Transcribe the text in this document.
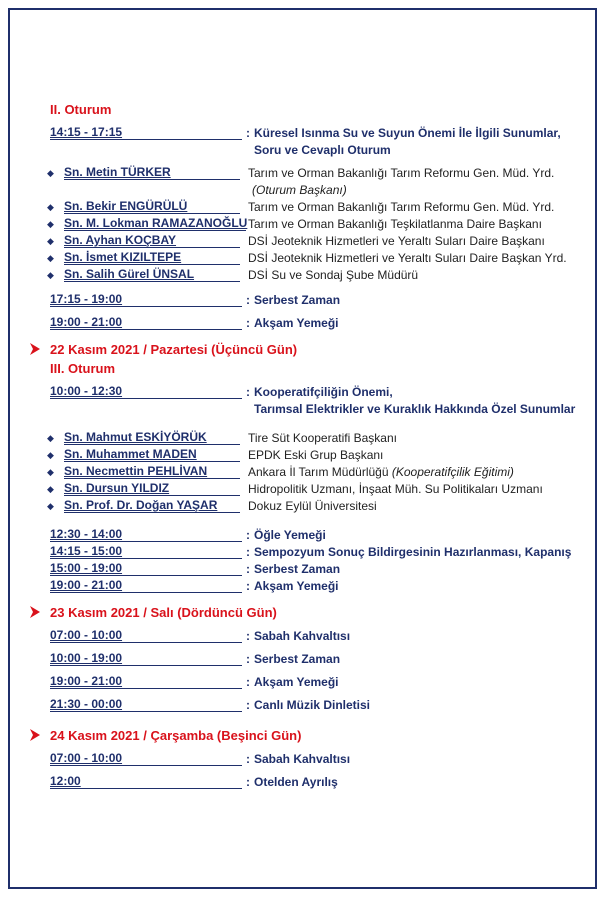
II. Oturum
14:15 - 17:15	: Küresel Isınma Su ve Suyun Önemi İle İlgili Sunumlar,
Soru ve Cevaplı Oturum
◆ Sn. Metin TÜRKER	Tarım ve Orman Bakanlığı Tarım Reformu Gen. Müd. Yrd.
(Oturum Başkanı)
◆ Sn. Bekir ENGÜRÜLÜ	Tarım ve Orman Bakanlığı Tarım Reformu Gen. Müd. Yrd.
◆ Sn. M. Lokman RAMAZANOĞLU Tarım ve Orman Bakanlığı Teşkilatlanma Daire Başkanı
◆ Sn. Ayhan KOÇBAY	DSİ Jeoteknik Hizmetleri ve Yeraltı Suları Daire Başkanı
◆ Sn. İsmet KIZILTEPE	DSİ Jeoteknik Hizmetleri ve Yeraltı Suları Daire Başkan Yrd.
◆ Sn. Salih Gürel ÜNSAL	DSİ Su ve Sondaj Şube Müdürü
17:15 - 19:00	: Serbest Zaman
19:00 - 21:00	: Akşam Yemeği
22 Kasım 2021 / Pazartesi (Üçüncü Gün)
III. Oturum
10:00 - 12:30	: Kooperatifçiliğin Önemi,
Tarımsal Elektrikler ve Kuraklık Hakkında Özel Sunumlar
◆ Sn. Mahmut ESKİYÖRÜK	Tire Süt Kooperatifi Başkanı
◆ Sn. Muhammet MADEN	EPDK Eski Grup Başkanı
◆ Sn. Necmettin PEHLİVAN	Ankara İl Tarım Müdürlüğü (Kooperatifçilik Eğitimi)
◆ Sn. Dursun YILDIZ	Hidropolitik Uzmanı, İnşaat Müh. Su Politikaları Uzmanı
◆ Sn. Prof. Dr. Doğan YAŞAR	Dokuz Eylül Üniversitesi
12:30 - 14:00	: Öğle Yemeği
14:15 - 15:00	: Sempozyum Sonuç Bildirgesinin Hazırlanması, Kapanış
15:00 - 19:00	: Serbest Zaman
19:00 - 21:00	: Akşam Yemeği
23 Kasım 2021 / Salı (Dördüncü Gün)
07:00 - 10:00	: Sabah Kahvaltısı
10:00 - 19:00	: Serbest Zaman
19:00 - 21:00	: Akşam Yemeği
21:30 - 00:00	: Canlı Müzik Dinletisi
24 Kasım 2021 / Çarşamba (Beşinci Gün)
07:00 - 10:00	: Sabah Kahvaltısı
12:00	: Otelden Ayrılış
